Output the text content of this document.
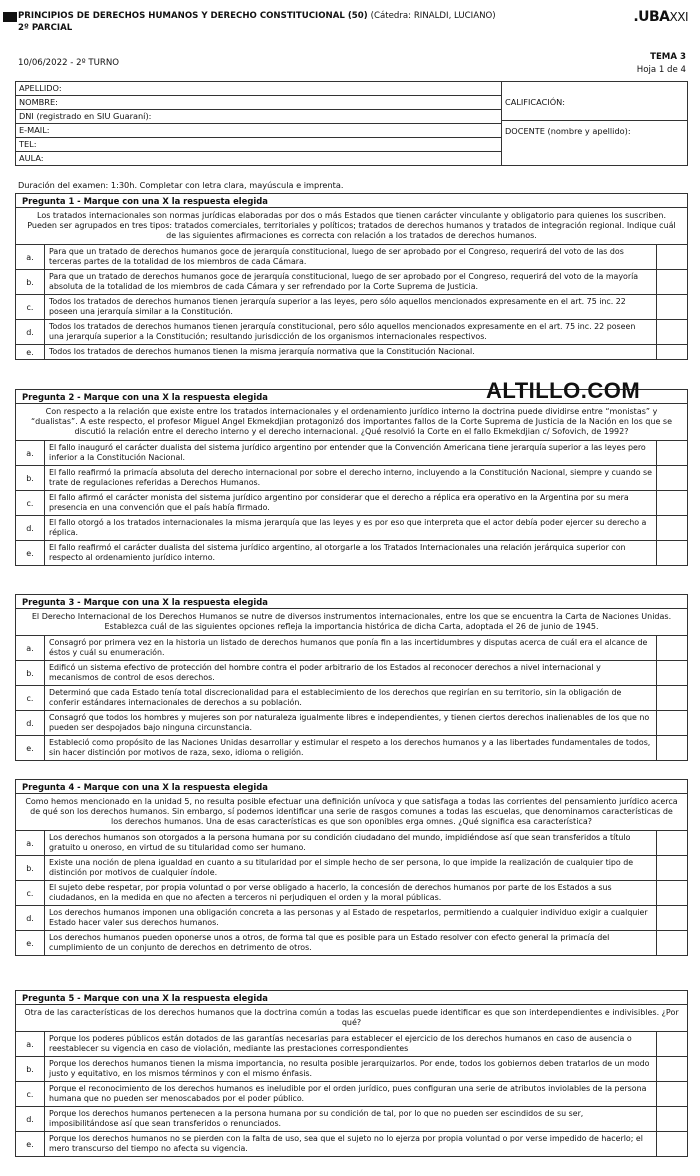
PRINCIPIOS DE DERECHOS HUMANOS Y DERECHO CONSTITUCIONAL (50) (Cátedra: RINALDI, LUCIANO)
2º PARCIAL
.UBAXXI
10/06/2022 - 2º TURNO
TEMA 3
Hoja 1 de 4
APELLIDO:
NOMBRE:
DNI (registrado en SIU Guaraní):
E-MAIL:
TEL:
AULA:
CALIFICACIÓN:
DOCENTE (nombre y apellido):
Duración del examen: 1:30h. Completar con letra clara, mayúscula e imprenta.
Pregunta 1 - Marque con una X la respuesta elegida
Los tratados internacionales son normas jurídicas elaboradas por dos o más Estados que tienen carácter vinculante y obligatorio para quienes los suscriben. Pueden ser agrupados en tres tipos: tratados comerciales, territoriales y políticos; tratados de derechos humanos y tratados de integración regional. Indique cuál de las siguientes afirmaciones es correcta con relación a los tratados de derechos humanos.
a.
Para que un tratado de derechos humanos goce de jerarquía constitucional, luego de ser aprobado por el Congreso, requerirá del voto de las dos terceras partes de la totalidad de los miembros de cada Cámara.
b.
Para que un tratado de derechos humanos goce de jerarquía constitucional, luego de ser aprobado por el Congreso, requerirá del voto de la mayoría absoluta de la totalidad de los miembros de cada Cámara y ser refrendado por la Corte Suprema de Justicia.
c.
Todos los tratados de derechos humanos tienen jerarquía superior a las leyes, pero sólo aquellos mencionados expresamente en el art. 75 inc. 22 poseen una jerarquía similar a la Constitución.
d.
Todos los tratados de derechos humanos tienen jerarquía constitucional, pero sólo aquellos mencionados expresamente en el art. 75 inc. 22 poseen una jerarquía superior a la Constitución; resultando jurisdicción de los organismos internacionales respectivos.
e.	Todos los tratados de derechos humanos tienen la misma jerarquía normativa que la Constitución Nacional.
Pregunta 2 - Marque con una X la respuesta elegida
Con respecto a la relación que existe entre los tratados internacionales y el ordenamiento jurídico interno la doctrina puede dividirse entre “monistas” y “dualistas”. A este respecto, el profesor Miguel Angel Ekmekdjian protagonizó dos importantes fallos de la Corte Suprema de Justicia de la Nación en los que se discutió la relación entre el derecho interno y el derecho internacional. ¿Qué resolvió la Corte en el fallo Ekmekdjian c/ Sofovich, de 1992?
a.
El fallo inauguró el carácter dualista del sistema jurídico argentino por entender que la Convención Americana tiene jerarquía superior a las leyes pero inferior a la Constitución Nacional.
b.
El fallo reafirmó la primacía absoluta del derecho internacional por sobre el derecho interno, incluyendo a la Constitución Nacional, siempre y cuando se trate de regulaciones referidas a Derechos Humanos.
c.
El fallo afirmó el carácter monista del sistema jurídico argentino por considerar que el derecho a réplica era operativo en la Argentina por su mera presencia en una convención que el país había firmado.
d.
El fallo otorgó a los tratados internacionales la misma jerarquía que las leyes y es por eso que interpreta que el actor debía poder ejercer su derecho a réplica.
e.
El fallo reafirmó el carácter dualista del sistema jurídico argentino, al otorgarle a los Tratados Internacionales una relación jerárquica superior con respecto al ordenamiento jurídico interno.
Pregunta 3 - Marque con una X la respuesta elegida
El Derecho Internacional de los Derechos Humanos se nutre de diversos instrumentos internacionales, entre los que se encuentra la Carta de Naciones Unidas. Establezca cuál de las siguientes opciones refleja la importancia histórica de dicha Carta, adoptada el 26 de junio de 1945.
a.
Consagró por primera vez en la historia un listado de derechos humanos que ponía fin a las incertidumbres y disputas acerca de cuál era el alcance de éstos y cuál su enumeración.
b.
Edificó un sistema efectivo de protección del hombre contra el poder arbitrario de los Estados al reconocer derechos a nivel internacional y mecanismos de control de esos derechos.
c.
Determinó que cada Estado tenía total discrecionalidad para el establecimiento de los derechos que regirían en su territorio, sin la obligación de conferir estándares internacionales de derechos a su población.
d.
Consagró que todos los hombres y mujeres son por naturaleza igualmente libres e independientes, y tienen ciertos derechos inalienables de los que no pueden ser despojados bajo ninguna circunstancia.
e.
Estableció como propósito de las Naciones Unidas desarrollar y estimular el respeto a los derechos humanos y a las libertades fundamentales de todos, sin hacer distinción por motivos de raza, sexo, idioma o religión.
Pregunta 4 - Marque con una X la respuesta elegida
Como hemos mencionado en la unidad 5, no resulta posible efectuar una definición unívoca y que satisfaga a todas las corrientes del pensamiento jurídico acerca de qué son los derechos humanos. Sin embargo, sí podemos identificar una serie de rasgos comunes a todas las escuelas, que denominamos características de los derechos humanos. Una de esas características es que son oponibles erga omnes. ¿Qué significa esa característica?
a.
Los derechos humanos son otorgados a la persona humana por su condición ciudadano del mundo, impidiéndose así que sean transferidos a título gratuito u oneroso, en virtud de su titularidad como ser humano.
b.
Existe una noción de plena igualdad en cuanto a su titularidad por el simple hecho de ser persona, lo que impide la realización de cualquier tipo de distinción por motivos de cualquier índole.
c.
El sujeto debe respetar, por propia voluntad o por verse obligado a hacerlo, la concesión de derechos humanos por parte de los Estados a sus ciudadanos, en la medida en que no afecten a terceros ni perjudiquen el orden y la moral públicas.
d.
Los derechos humanos imponen una obligación concreta a las personas y al Estado de respetarlos, permitiendo a cualquier individuo exigir a cualquier Estado hacer valer sus derechos humanos.
e.
Los derechos humanos pueden oponerse unos a otros, de forma tal que es posible para un Estado resolver con efecto general la primacía del cumplimiento de un conjunto de derechos en detrimento de otros.
Pregunta 5 - Marque con una X la respuesta elegida
Otra de las características de los derechos humanos que la doctrina común a todas las escuelas puede identificar es que son interdependientes e indivisibles. ¿Por qué?
a.
Porque los poderes públicos están dotados de las garantías necesarias para establecer el ejercicio de los derechos humanos en caso de ausencia o reestablecer su vigencia en caso de violación, mediante las prestaciones correspondientes
b.
Porque los derechos humanos tienen la misma importancia, no resulta posible jerarquizarlos. Por ende, todos los gobiernos deben tratarlos de un modo justo y equitativo, en los mismos términos y con el mismo énfasis.
c.
Porque el reconocimiento de los derechos humanos es ineludible por el orden jurídico, pues configuran una serie de atributos inviolables de la persona humana que no pueden ser menoscabados por el poder público.
d.
Porque los derechos humanos pertenecen a la persona humana por su condición de tal, por lo que no pueden ser escindidos de su ser, imposibilitándose así que sean transferidos o renunciados.
e.
Porque los derechos humanos no se pierden con la falta de uso, sea que el sujeto no lo ejerza por propia voluntad o por verse impedido de hacerlo; el mero transcurso del tiempo no afecta su vigencia.
ALTILLO.COM
